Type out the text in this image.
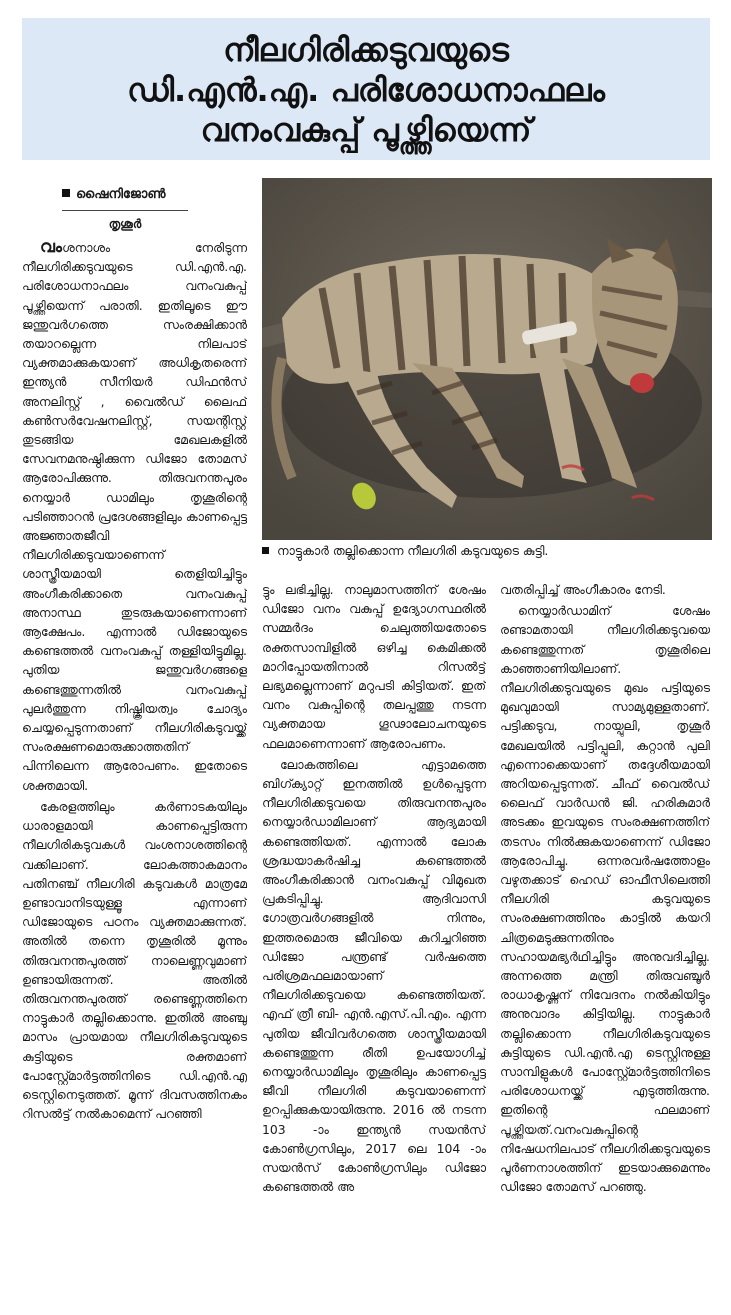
നീലഗിരിക്കടുവയുടെ
ഡി.എൻ.എ. പരിശോധനാഫലം
വനംവകുപ്പ് പൂഴ്ത്തിയെന്ന്
ഷൈനിജോൺ
തൃശൂർ

വംശനാശം നേരിടുന്ന നീലഗിരിക്കടുവയുടെ ഡി.എൻ.എ. പരിശോധനാഫലം വനംവകുപ്പ് പൂഴ്ത്തിയെന്ന് പരാതി. ഇതിലൂടെ ഈ ജന്തുവർഗത്തെ സംരക്ഷിക്കാൻ തയാറല്ലെന്ന നിലപാട് വ്യക്തമാക്കുകയാണ് അധികൃതരെന്ന് ഇന്ത്യൻ സീനിയർ ഡിഫൻസ് അനലിസ്റ്റ് , വൈൽഡ് ലൈഫ് കൺസർവേഷനലിസ്റ്റ്, സയന്റിസ്റ്റ് തുടങ്ങിയ മേഖലകളിൽ സേവനമനുഷ്ഠിക്കുന്ന ഡിജോ തോമസ് ആരോപിക്കുന്നു. തിരുവനന്തപുരം നെയ്യാർ ഡാമിലും തൃശൂരിന്റെ പടിഞ്ഞാറൻ പ്രദേശങ്ങളിലും കാണപ്പെട്ട അജ്ഞാതജീവി നീലഗിരിക്കടുവയാണെന്ന് ശാസ്ത്രീയമായി തെളിയിച്ചിട്ടും അംഗീകരിക്കാതെ വനംവകുപ്പ് അനാസ്ഥ തുടരുകയാണെന്നാണ് ആക്ഷേപം. എന്നാൽ ഡിജോയുടെ കണ്ടെത്തൽ വനംവകുപ്പ് തള്ളിയിട്ടുമില്ല. പുതിയ ജന്തുവർഗങ്ങളെ കണ്ടെത്തുന്നതിൽ വനംവകുപ്പ് പുലർത്തുന്ന നിഷ്ക്രിയത്വം ചോദ്യം ചെയ്യപ്പെടുന്നതാണ് നീലഗിരികടുവയ്ക്ക് സംരക്ഷണമൊരുക്കാത്തതിന് പിന്നിലെന്ന ആരോപണം. ഇതോടെ ശക്തമായി.

കേരളത്തിലും കർണാടകയിലും ധാരാളമായി കാണപ്പെട്ടിരുന്ന നീലഗിരികടുവകൾ വംശനാശത്തിന്റെ വക്കിലാണ്. ലോകത്താകമാനം പതിനഞ്ച് നീലഗിരി കടുവകൾ മാത്രമേ ഉണ്ടാവാനിടയുള്ളൂ എന്നാണ് ഡിജോയുടെ പഠനം വ്യക്തമാക്കുന്നത്. അതിൽ തന്നെ തൃശൂരിൽ മൂന്നും തിരുവനന്തപുരത്ത് നാലെണ്ണവുമാണ് ഉണ്ടായിരുന്നത്. അതിൽ തിരുവനന്തപുരത്ത് രണ്ടെണ്ണത്തിനെ നാട്ടുകാർ തല്ലിക്കൊന്നു. ഇതിൽ അഞ്ചു മാസം പ്രായമായ നീലഗിരികടുവയുടെ കുട്ടിയുടെ രക്തമാണ് പോസ്റ്റ്മോർട്ടത്തിനിടെ ഡി.എൻ.എ ടെസ്റ്റിനെടുത്തത്. മൂന്ന് ദിവസത്തിനകം റിസൽട്ട് നൽകാമെന്ന് പറഞ്ഞി

നാട്ടുകാർ തല്ലിക്കൊന്ന നീലഗിരി കടുവയുടെ കുട്ടി.

ട്ടും ലഭിച്ചില്ല. നാലുമാസത്തിന് ശേഷം ഡിജോ വനം വകുപ്പ് ഉദ്യോഗസ്ഥരിൽ സമ്മർദം ചെലുത്തിയതോടെ രക്തസാമ്പിളിൽ ഒഴിച്ച കെമിക്കൽ മാറിപ്പോയതിനാൽ റിസൽട്ട് ലഭ്യമല്ലെന്നാണ് മറുപടി കിട്ടിയത്. ഇത് വനം വകുപ്പിന്റെ തലപ്പത്തു നടന്ന വ്യക്തമായ ഗൂഢാലോചനയുടെ ഫലമാണെന്നാണ് ആരോപണം.

ലോകത്തിലെ എട്ടാമത്തെ ബിഗ്ക്യാറ്റ് ഇനത്തിൽ ഉൾപ്പെടുന്ന നീലഗിരിക്കടുവയെ തിരുവനന്തപുരം നെയ്യാർഡാമിലാണ് ആദ്യമായി കണ്ടെത്തിയത്. എന്നാൽ ലോക ശ്രദ്ധയാകർഷിച്ച കണ്ടെത്തൽ അംഗീകരിക്കാൻ വനംവകുപ്പ് വിമുഖത പ്രകടിപ്പിച്ചു. ആദിവാസി ഗോത്രവർഗങ്ങളിൽ നിന്നും, ഇത്തരമൊരു ജീവിയെ കുറിച്ചറിഞ്ഞ ഡിജോ പന്ത്രണ്ട് വർഷത്തെ പരിശ്രമഫലമായാണ് നീലഗിരിക്കടുവയെ കണ്ടെത്തിയത്. എഫ് ത്രീ ബി- എൻ.എസ്.പി.എം. എന്ന പുതിയ ജീവിവർഗത്തെ ശാസ്ത്രീയമായി കണ്ടെത്തുന്ന രീതി ഉപയോഗിച്ച് നെയ്യാർഡാമിലും തൃശൂരിലും കാണപ്പെട്ട ജീവി നീലഗിരി കടുവയാണെന്ന് ഉറപ്പിക്കുകയായിരുന്നു. 2016 ൽ നടന്ന 103 -ാം ഇന്ത്യൻ സയൻസ് കോൺഗ്രസിലും, 2017 ലെ 104 -ാം സയൻസ് കോൺഗ്രസിലും ഡിജോ കണ്ടെത്തൽ അ

വതരിപ്പിച്ച് അംഗീകാരം നേടി.

നെയ്യാർഡാമിന് ശേഷം രണ്ടാമതായി നീലഗിരിക്കടുവയെ കണ്ടെത്തുന്നത് തൃശൂരിലെ കാഞ്ഞാണിയിലാണ്. നീലഗിരിക്കടുവയുടെ മുഖം പട്ടിയുടെ മുഖവുമായി സാമ്യമുള്ളതാണ്. പട്ടിക്കടുവ, നായ്പുലി, തൃശൂർ മേഖലയിൽ പട്ടിപ്പുലി, കറ്റാൻ പുലി എന്നൊക്കെയാണ് തദ്ദേശീയമായി അറിയപ്പെടുന്നത്. ചീഫ് വൈൽഡ് ലൈഫ് വാർഡൻ ജി. ഹരികുമാർ അടക്കം ഇവയുടെ സംരക്ഷണത്തിന് തടസം നിൽക്കുകയാണെന്ന് ഡിജോ ആരോപിച്ചു. ഒന്നരവർഷത്തോളം വഴുതക്കാട് ഹെഡ് ഓഫീസിലെത്തി നീലഗിരി കടുവയുടെ സംരക്ഷണത്തിനും കാട്ടിൽ കയറി ചിത്രമെടുക്കുന്നതിനും സഹായമഭ്യർഥിച്ചിട്ടും അനുവദിച്ചില്ല. അന്നത്തെ മന്ത്രി തിരുവഞ്ചൂർ രാധാകൃഷ്ണന് നിവേദനം നൽകിയിട്ടും അനുവാദം കിട്ടിയില്ല. നാട്ടുകാർ തല്ലിക്കൊന്ന നീലഗിരികടുവയുടെ കുട്ടിയുടെ ഡി.എൻ.എ ടെസ്റ്റിനുള്ള സാമ്പിളുകൾ പോസ്റ്റ്മോർട്ടത്തിനിടെ പരിശോധനയ്ക്ക് എടുത്തിരുന്നു. ഇതിന്റെ ഫലമാണ് പൂഴ്ത്തിയത്.വനംവകുപ്പിന്റെ നിഷേധനിലപാട് നീലഗിരിക്കടുവയുടെ പൂർണനാശത്തിന് ഇടയാക്കുമെന്നും ഡിജോ തോമസ് പറഞ്ഞു.
